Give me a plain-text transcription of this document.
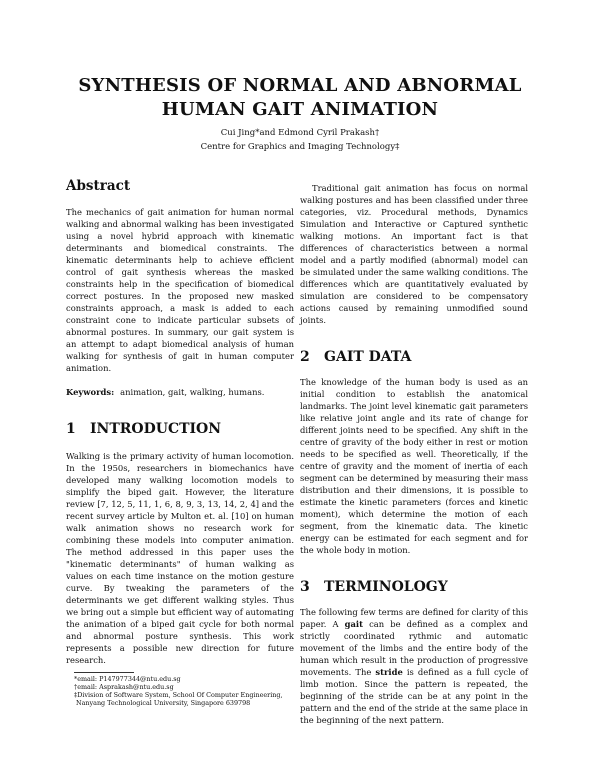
SYNTHESIS OF NORMAL AND ABNORMAL
HUMAN GAIT ANIMATION
Cui Jing*and Edmond Cyril Prakash†
Centre for Graphics and Imaging Technology‡
Abstract

The mechanics of gait animation for human normal walking and abnormal walking has been investigated using a novel hybrid approach with kinematic determinants and biomedical constraints. The kinematic determinants help to achieve efficient control of gait synthesis whereas the masked constraints help in the specification of biomedical correct postures. In the proposed new masked constraints approach, a mask is added to each constraint cone to indicate particular subsets of abnormal postures. In summary, our gait system is an attempt to adapt biomedical analysis of human walking for synthesis of gait in human computer animation.

Keywords: animation, gait, walking, humans.

1 INTRODUCTION

Walking is the primary activity of human locomotion. In the 1950s, researchers in biomechanics have developed many walking locomotion models to simplify the biped gait. However, the literature review [7, 12, 5, 11, 1, 6, 8, 9, 3, 13, 14, 2, 4] and the recent survey article by Multon et. al. [10] on human walk animation shows no research work for combining these models into computer animation. The method addressed in this paper uses the "kinematic determinants" of human walking as values on each time instance on the motion gesture curve. By tweaking the parameters of the determinants we get different walking styles. Thus we bring out a simple but efficient way of automating the animation of a biped gait cycle for both normal and abnormal posture synthesis. This work represents a possible new direction for future research.

*email: P147977344@ntu.edu.sg
†email: Asprakash@ntu.edu.sg
‡Division of Software System, School Of Computer Engineering, Nanyang Technological University, Singapore 639798

Traditional gait animation has focus on normal walking postures and has been classified under three categories, viz. Procedural methods, Dynamics Simulation and Interactive or Captured synthetic walking motions. An important fact is that differences of characteristics between a normal model and a partly modified (abnormal) model can be simulated under the same walking conditions. The differences which are quantitatively evaluated by simulation are considered to be compensatory actions caused by remaining unmodified sound joints.

2 GAIT DATA

The knowledge of the human body is used as an initial condition to establish the anatomical landmarks. The joint level kinematic gait parameters like relative joint angle and its rate of change for different joints need to be specified. Any shift in the centre of gravity of the body either in rest or motion needs to be specified as well. Theoretically, if the centre of gravity and the moment of inertia of each segment can be determined by measuring their mass distribution and their dimensions, it is possible to estimate the kinetic parameters (forces and kinetic moment), which determine the motion of each segment, from the kinematic data. The kinetic energy can be estimated for each segment and for the whole body in motion.

3 TERMINOLOGY

The following few terms are defined for clarity of this paper. A gait can be defined as a complex and strictly coordinated rythmic and automatic movement of the limbs and the entire body of the human which result in the production of progressive movements. The stride is defined as a full cycle of limb motion. Since the pattern is repeated, the beginning of the stride can be at any point in the pattern and the end of the stride at the same place in the beginning of the next pattern.
